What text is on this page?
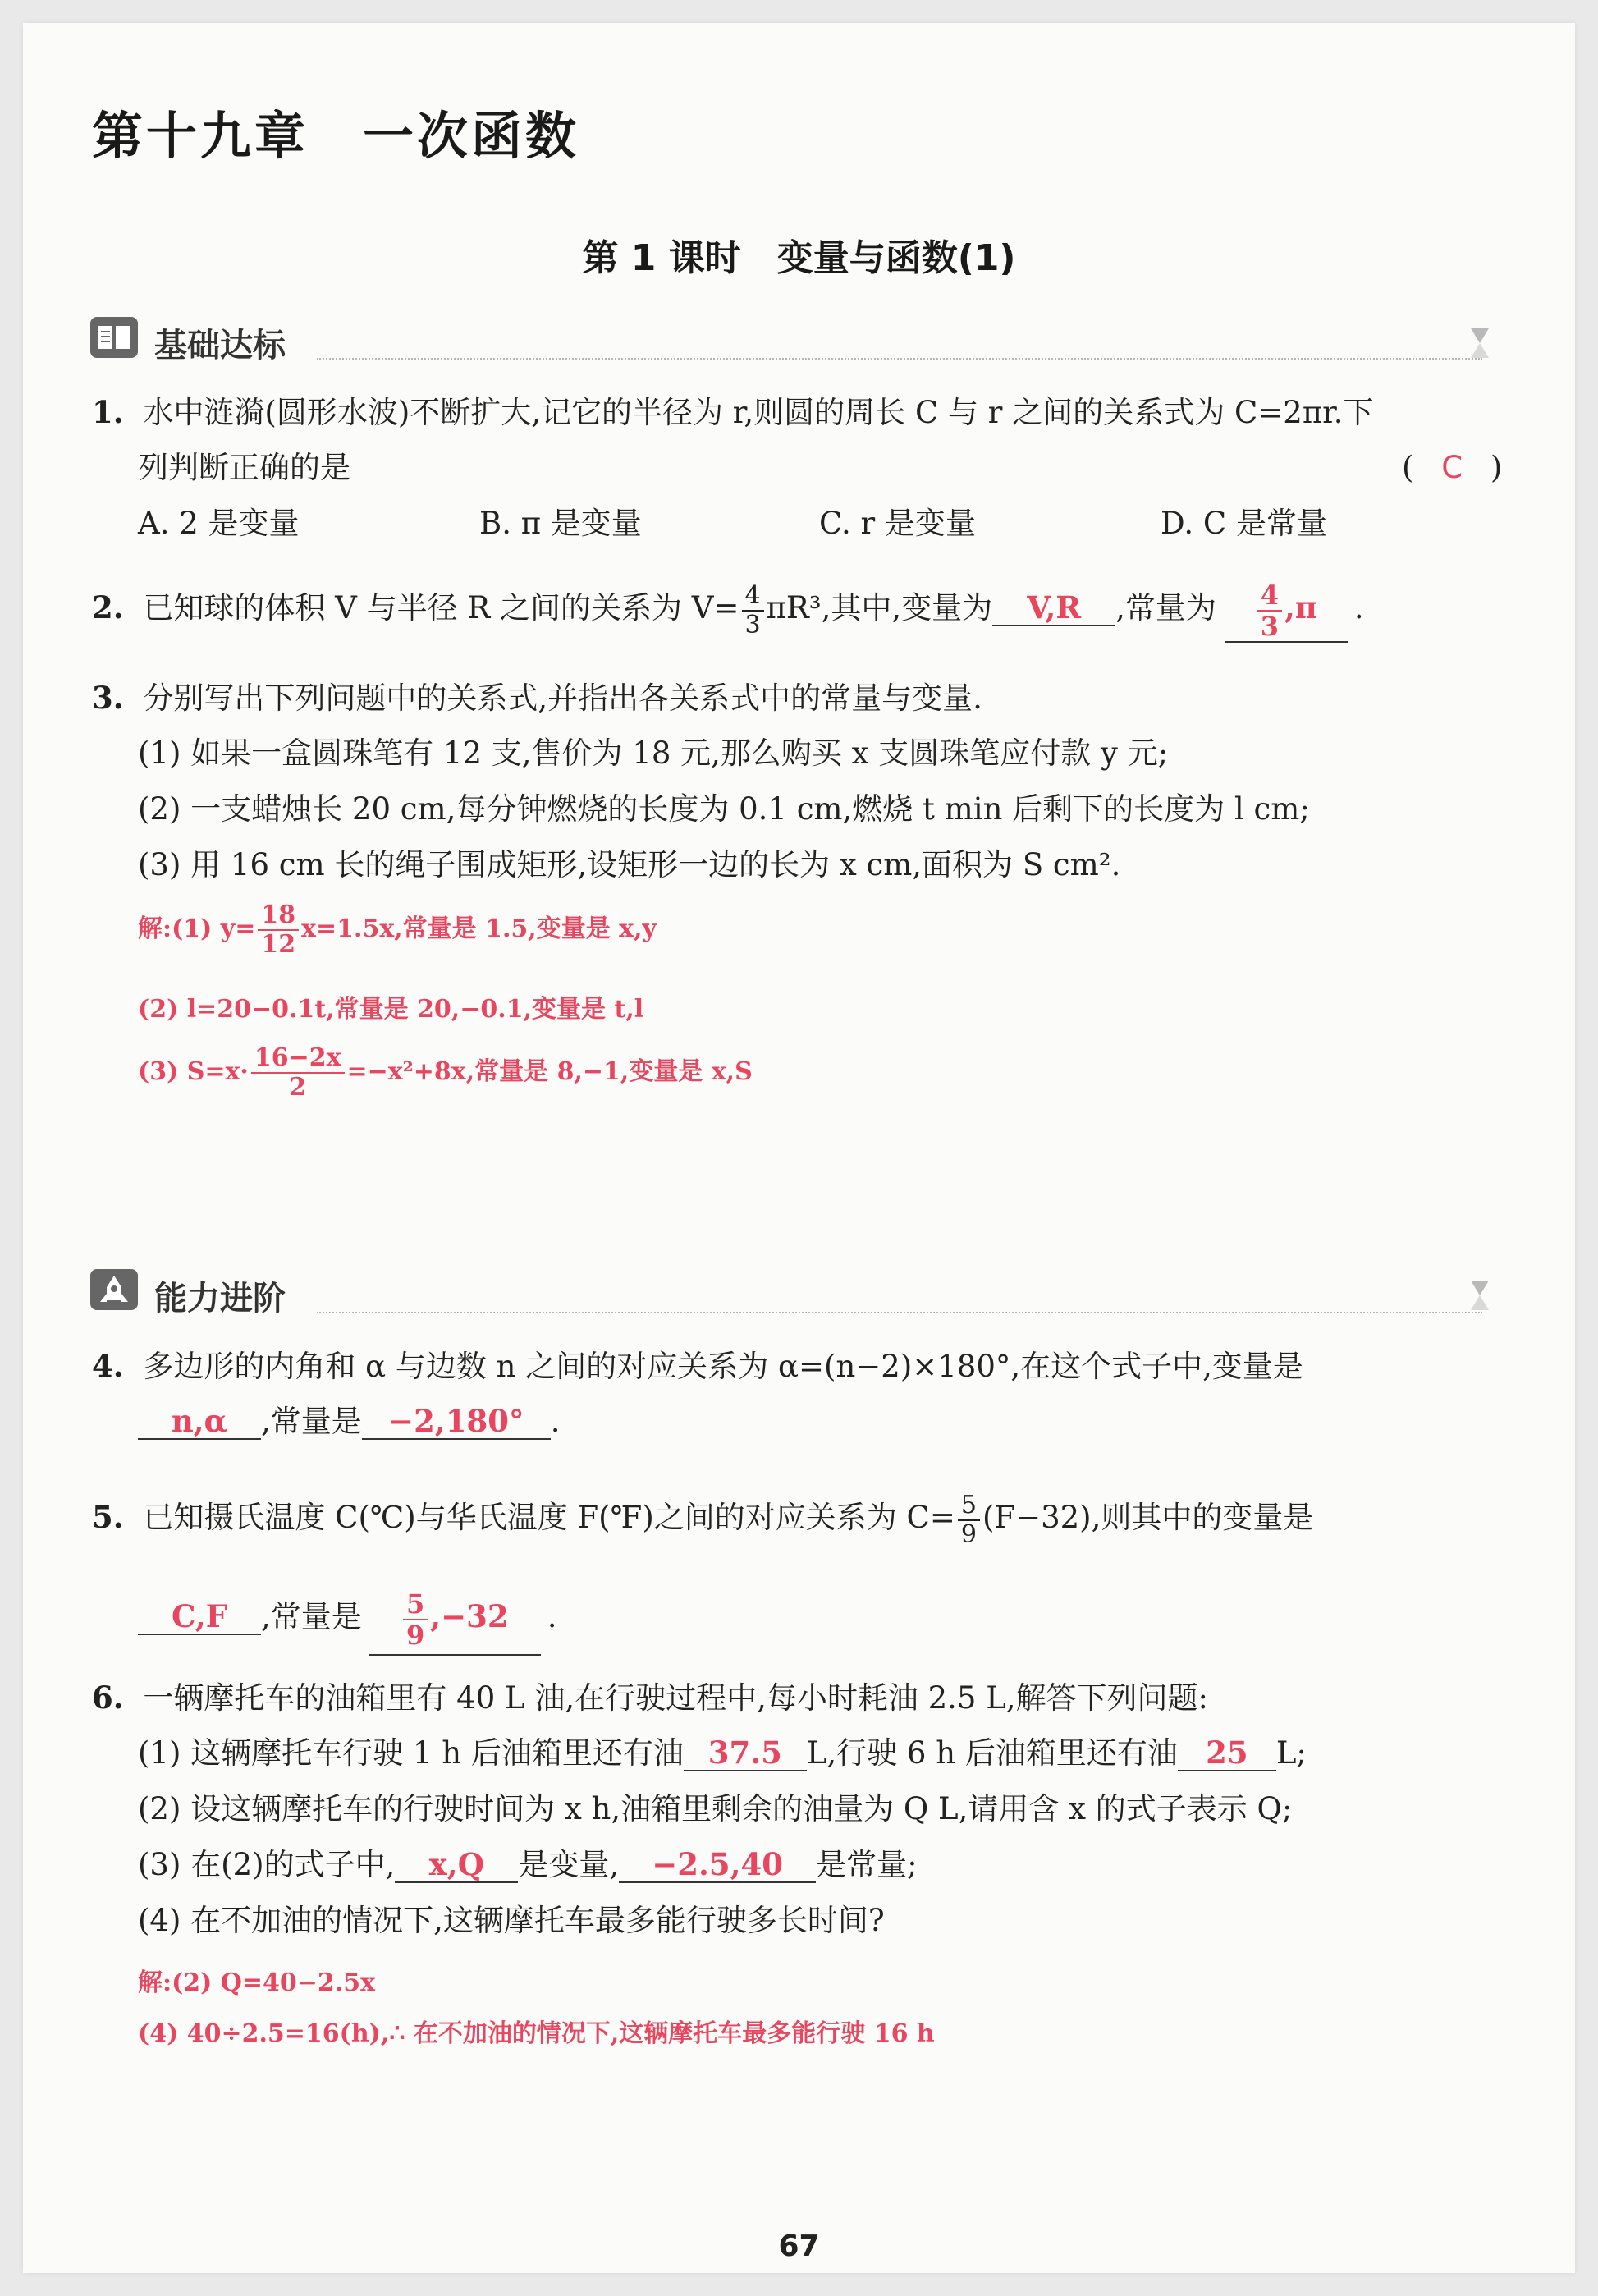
第十九章　一次函数
第 1 课时　变量与函数(1)
基础达标
1. 水中涟漪(圆形水波)不断扩大,记它的半径为 r,则圆的周长 C 与 r 之间的关系式为 C=2πr.下
列判断正确的是	( C )
A. 2 是变量	B. π 是变量	C. r 是变量	D. C 是常量
2. 已知球的体积 V 与半径 R 之间的关系为 $V= \frac{4}{3} \pi R^3$,其中,变量为 V,R ,常量为 $\frac{4}{3} ,\pi$ .
3. 分别写出下列问题中的关系式,并指出各关系式中的常量与变量.
(1) 如果一盒圆珠笔有 12 支,售价为 18 元,那么购买 x 支圆珠笔应付款 y 元;
(2) 一支蜡烛长 20 cm,每分钟燃烧的长度为 0.1 cm,燃烧 t min 后剩下的长度为 l cm;
(3) 用 16 cm 长的绳子围成矩形,设矩形一边的长为 x cm,面积为 S cm².
解:(1) $y= \frac{18}{12} x=1.5x$,常量是 1.5,变量是 x,y
(2) l=20−0.1t,常量是 20,−0.1,变量是 t,l
(3) $S=x\cdot \frac{16-2x}{2} =-x^2+8x$,常量是 8,−1,变量是 x,S
能力进阶
4. 多边形的内角和 α 与边数 n 之间的对应关系为 α=(n−2)×180°,在这个式子中,变量是
n,α ,常量是 −2,180° .
5. 已知摄氏温度 C(℃)与华氏温度 F(℉)之间的对应关系为 $C= \frac{5}{9} (F-32)$,则其中的变量是
C,F ,常量是 $\frac{5}{9} ,-32$ .
6. 一辆摩托车的油箱里有 40 L 油,在行驶过程中,每小时耗油 2.5 L,解答下列问题:
(1) 这辆摩托车行驶 1 h 后油箱里还有油 37.5 L,行驶 6 h 后油箱里还有油 25 L;
(2) 设这辆摩托车的行驶时间为 x h,油箱里剩余的油量为 Q L,请用含 x 的式子表示 Q;
(3) 在(2)的式子中, x,Q 是变量, −2.5,40 是常量;
(4) 在不加油的情况下,这辆摩托车最多能行驶多长时间?
解:(2) Q=40−2.5x
(4) 40÷2.5=16(h),∴ 在不加油的情况下,这辆摩托车最多能行驶 16 h
67
